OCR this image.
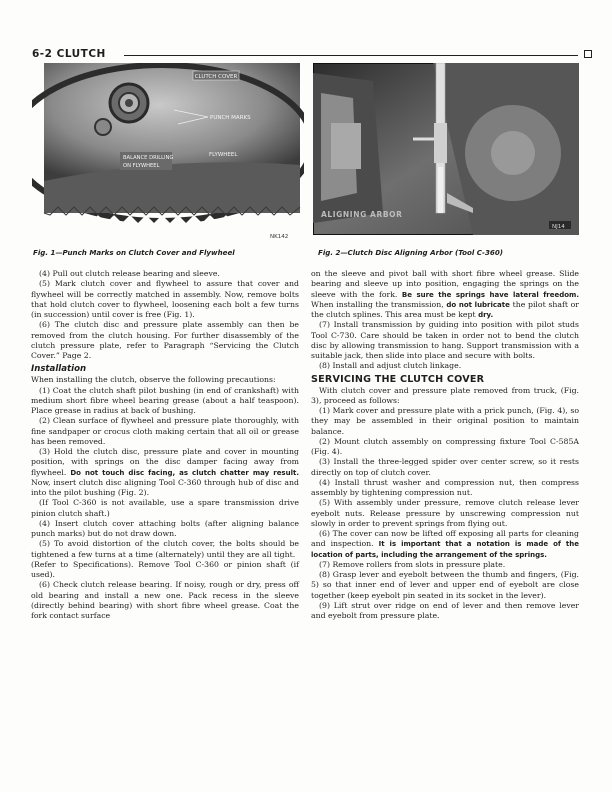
6-2 CLUTCH
CLUTCH COVER
PUNCH MARKS
BALANCE DRILLING
ON FLYWHEEL
FLYWHEEL
NK142
ALIGNING ARBOR
NJ14
Fig. 1—Punch Marks on Clutch Cover and Flywheel	Fig. 2—Clutch Disc Aligning Arbor (Tool C-360)

(4) Pull out clutch release bearing and sleeve.

(5) Mark clutch cover and flywheel to assure that cover and flywheel will be correctly matched in assembly. Now, remove bolts that hold clutch cover to flywheel, loosening each bolt a few turns (in succession) until cover is free (Fig. 1).

(6) The clutch disc and pressure plate assembly can then be removed from the clutch housing. For further disassembly of the clutch pressure plate, refer to Paragraph “Servicing the Clutch Cover.” Page 2.

Installation

When installing the clutch, observe the following precautions:

(1) Coat the clutch shaft pilot bushing (in end of crankshaft) with medium short fibre wheel bearing grease (about a half teaspoon). Place grease in radius at back of bushing.

(2) Clean surface of flywheel and pressure plate thoroughly, with fine sandpaper or crocus cloth making certain that all oil or grease has been removed.

(3) Hold the clutch disc, pressure plate and cover in mounting position, with springs on the disc damper facing away from flywheel. Do not touch disc facing, as clutch chatter may result. Now, insert clutch disc aligning Tool C-360 through hub of disc and into the pilot bushing (Fig. 2).

(If Tool C-360 is not available, use a spare transmission drive pinion clutch shaft.)

(4) Insert clutch cover attaching bolts (after aligning balance punch marks) but do not draw down.

(5) To avoid distortion of the clutch cover, the bolts should be tightened a few turns at a time (alternately) until they are all tight.

(Refer to Specifications). Remove Tool C-360 or pinion shaft (if used).

(6) Check clutch release bearing. If noisy, rough or dry, press off old bearing and install a new one. Pack recess in the sleeve (directly behind bearing) with short fibre wheel grease. Coat the fork contact surface

on the sleeve and pivot ball with short fibre wheel grease. Slide bearing and sleeve up into position, engaging the springs on the sleeve with the fork. Be sure the springs have lateral freedom. When installing the transmission, do not lubricate the pilot shaft or the clutch splines. This area must be kept dry.

(7) Install transmission by guiding into position with pilot studs Tool C-730. Care should be taken in order not to bend the clutch disc by allowing transmission to hang. Support transmission with a suitable jack, then slide into place and secure with bolts.

(8) Install and adjust clutch linkage.

SERVICING THE CLUTCH COVER

With clutch cover and pressure plate removed from truck, (Fig. 3), proceed as follows:

(1) Mark cover and pressure plate with a prick punch, (Fig. 4), so they may be assembled in their original position to maintain balance.

(2) Mount clutch assembly on compressing fixture Tool C-585A (Fig. 4).

(3) Install the three-legged spider over center screw, so it rests directly on top of clutch cover.

(4) Install thrust washer and compression nut, then compress assembly by tightening compression nut.

(5) With assembly under pressure, remove clutch release lever eyebolt nuts. Release pressure by unscrewing compression nut slowly in order to prevent springs from flying out.

(6) The cover can now be lifted off exposing all parts for cleaning and inspection. It is important that a notation is made of the location of parts, including the arrangement of the springs.

(7) Remove rollers from slots in pressure plate.

(8) Grasp lever and eyebolt between the thumb and fingers, (Fig. 5) so that inner end of lever and upper end of eyebolt are close together (keep eyebolt pin seated in its socket in the lever).

(9) Lift strut over ridge on end of lever and then remove lever and eyebolt from pressure plate.
